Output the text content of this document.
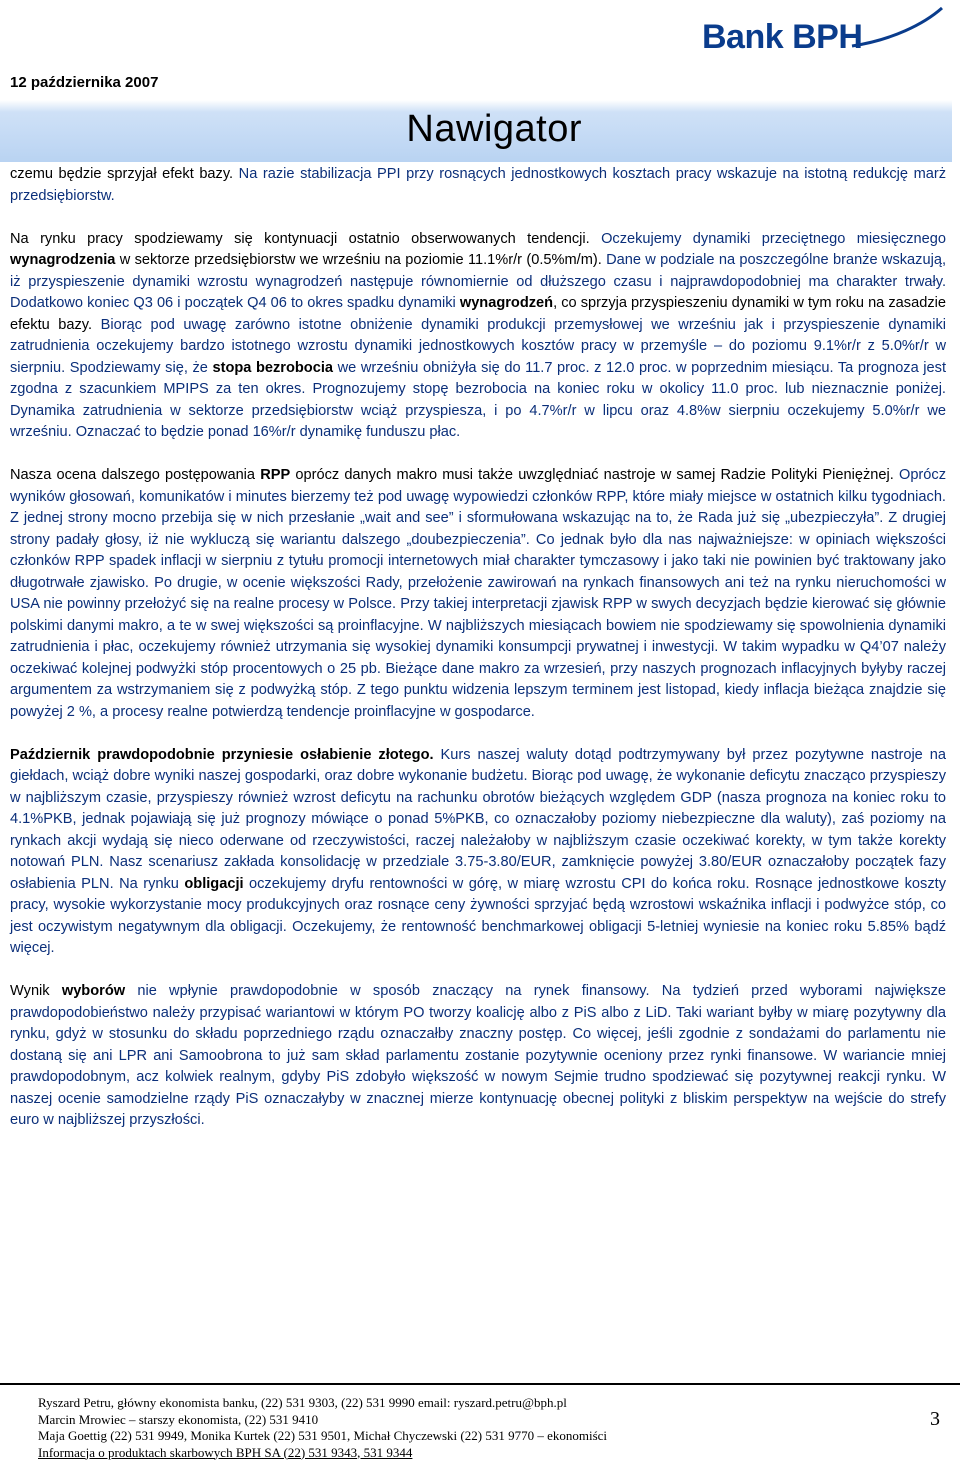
Bank BPH
12 października 2007
Nawigator

czemu będzie sprzyjał efekt bazy. Na razie stabilizacja PPI przy rosnących jednostkowych kosztach pracy wskazuje na istotną redukcję marż przedsiębiorstw.

Na rynku pracy spodziewamy się kontynuacji ostatnio obserwowanych tendencji. Oczekujemy dynamiki przeciętnego miesięcznego wynagrodzenia w sektorze przedsiębiorstw we wrześniu na poziomie 11.1%r/r (0.5%m/m). Dane w podziale na poszczególne branże wskazują, iż przyspieszenie dynamiki wzrostu wynagrodzeń następuje równomiernie od dłuższego czasu i najprawdopodobniej ma charakter trwały. Dodatkowo koniec Q3 06 i początek Q4 06 to okres spadku dynamiki wynagrodzeń, co sprzyja przyspieszeniu dynamiki w tym roku na zasadzie efektu bazy. Biorąc pod uwagę zarówno istotne obniżenie dynamiki produkcji przemysłowej we wrześniu jak i przyspieszenie dynamiki zatrudnienia oczekujemy bardzo istotnego wzrostu dynamiki jednostkowych kosztów pracy w przemyśle – do poziomu 9.1%r/r z 5.0%r/r w sierpniu. Spodziewamy się, że stopa bezrobocia we wrześniu obniżyła się do 11.7 proc. z 12.0 proc. w poprzednim miesiącu. Ta prognoza jest zgodna z szacunkiem MPIPS za ten okres. Prognozujemy stopę bezrobocia na koniec roku w okolicy 11.0 proc. lub nieznacznie poniżej. Dynamika zatrudnienia w sektorze przedsiębiorstw wciąż przyspiesza, i po 4.7%r/r w lipcu oraz 4.8%w sierpniu oczekujemy 5.0%r/r we wrześniu. Oznaczać to będzie ponad 16%r/r dynamikę funduszu płac.

Nasza ocena dalszego postępowania RPP oprócz danych makro musi także uwzględniać nastroje w samej Radzie Polityki Pieniężnej. Oprócz wyników głosowań, komunikatów i minutes bierzemy też pod uwagę wypowiedzi członków RPP, które miały miejsce w ostatnich kilku tygodniach. Z jednej strony mocno przebija się w nich przesłanie „wait and see” i sformułowana wskazując na to, że Rada już się „ubezpieczyła”. Z drugiej strony padały głosy, iż nie wykluczą się wariantu dalszego „doubezpieczenia”. Co jednak było dla nas najważniejsze: w opiniach większości członków RPP spadek inflacji w sierpniu z tytułu promocji internetowych miał charakter tymczasowy i jako taki nie powinien być traktowany jako długotrwałe zjawisko. Po drugie, w ocenie większości Rady, przełożenie zawirowań na rynkach finansowych ani też na rynku nieruchomości w USA nie powinny przełożyć się na realne procesy w Polsce. Przy takiej interpretacji zjawisk RPP w swych decyzjach będzie kierować się głównie polskimi danymi makro, a te w swej większości są proinflacyjne. W najbliższych miesiącach bowiem nie spodziewamy się spowolnienia dynamiki zatrudnienia i płac, oczekujemy również utrzymania się wysokiej dynamiki konsumpcji prywatnej i inwestycji. W takim wypadku w Q4’07 należy oczekiwać kolejnej podwyżki stóp procentowych o 25 pb. Bieżące dane makro za wrzesień, przy naszych prognozach inflacyjnych byłyby raczej argumentem za wstrzymaniem się z podwyżką stóp. Z tego punktu widzenia lepszym terminem jest listopad, kiedy inflacja bieżąca znajdzie się powyżej 2 %, a procesy realne potwierdzą tendencje proinflacyjne w gospodarce.

Październik prawdopodobnie przyniesie osłabienie złotego. Kurs naszej waluty dotąd podtrzymywany był przez pozytywne nastroje na giełdach, wciąż dobre wyniki naszej gospodarki, oraz dobre wykonanie budżetu. Biorąc pod uwagę, że wykonanie deficytu znacząco przyspieszy w najbliższym czasie, przyspieszy również wzrost deficytu na rachunku obrotów bieżących względem GDP (nasza prognoza na koniec roku to 4.1%PKB, jednak pojawiają się już prognozy mówiące o ponad 5%PKB, co oznaczałoby poziomy niebezpieczne dla waluty), zaś poziomy na rynkach akcji wydają się nieco oderwane od rzeczywistości, raczej należałoby w najbliższym czasie oczekiwać korekty, w tym także korekty notowań PLN. Nasz scenariusz zakłada konsolidację w przedziale 3.75-3.80/EUR, zamknięcie powyżej 3.80/EUR oznaczałoby początek fazy osłabienia PLN. Na rynku obligacji oczekujemy dryfu rentowności w górę, w miarę wzrostu CPI do końca roku. Rosnące jednostkowe koszty pracy, wysokie wykorzystanie mocy produkcyjnych oraz rosnące ceny żywności sprzyjać będą wzrostowi wskaźnika inflacji i podwyżce stóp, co jest oczywistym negatywnym dla obligacji. Oczekujemy, że rentowność benchmarkowej obligacji 5-letniej wyniesie na koniec roku 5.85% bądź więcej.

Wynik wyborów nie wpłynie prawdopodobnie w sposób znaczący na rynek finansowy. Na tydzień przed wyborami największe prawdopodobieństwo należy przypisać wariantowi w którym PO tworzy koalicję albo z PiS albo z LiD. Taki wariant byłby w miarę pozytywny dla rynku, gdyż w stosunku do składu poprzedniego rządu oznaczałby znaczny postęp. Co więcej, jeśli zgodnie z sondażami do parlamentu nie dostaną się ani LPR ani Samoobrona to już sam skład parlamentu zostanie pozytywnie oceniony przez rynki finansowe. W wariancie mniej prawdopodobnym, acz kolwiek realnym, gdyby PiS zdobyło większość w nowym Sejmie trudno spodziewać się pozytywnej reakcji rynku. W naszej ocenie samodzielne rządy PiS oznaczałyby w znacznej mierze kontynuację obecnej polityki z bliskim perspektyw na wejście do strefy euro w najbliższej przyszłości.

Ryszard Petru, główny ekonomista banku, (22) 531 9303, (22) 531 9990 email: ryszard.petru@bph.pl
Marcin Mrowiec – starszy ekonomista, (22) 531 9410
Maja Goettig (22) 531 9949, Monika Kurtek (22) 531 9501, Michał Chyczewski (22) 531 9770 – ekonomiści
Informacja o produktach skarbowych BPH SA (22) 531 9343, 531 9344
3
